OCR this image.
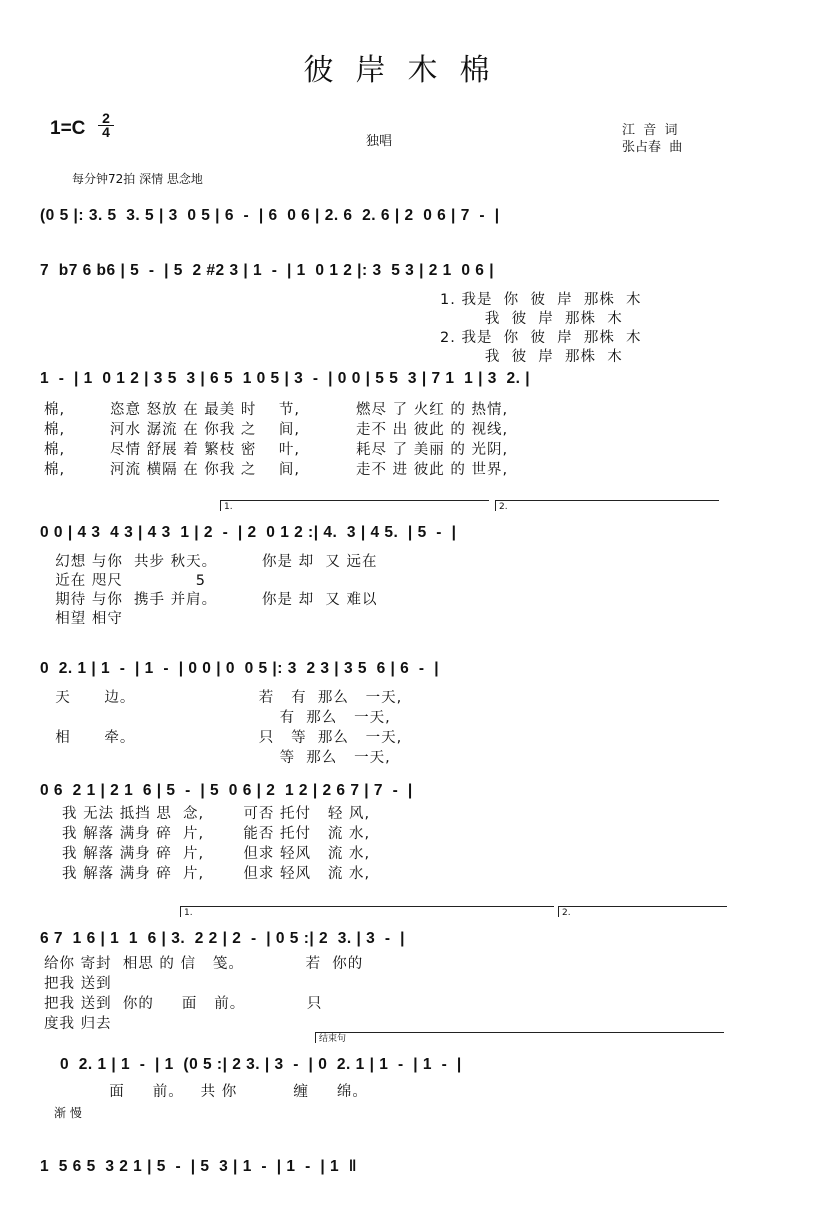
彼岸木棉
1=C 2
4
独唱
江  音  词
张占春  曲
每分钟72拍 深情 思念地
(0 5 |: 3. 5  3. 5 | 3  0 5 | 6  -  | 6  0 6 | 2. 6  2. 6 | 2  0 6 | 7  -  |
7  b7 6 b6 | 5  -  | 5  2 #2 3 | 1  -  | 1  0 1 2 |: 3  5 3 | 2 1  0 6 |
1. 我是  你  彼  岸  那株  木
我  彼  岸  那株  木
2. 我是  你  彼  岸  那株  木
我  彼  岸  那株  木
1  -  | 1  0 1 2 | 3 5  3 | 6 5  1 0 5 | 3  -  | 0 0 | 5 5  3 | 7 1  1 | 3  2. |
棉,        恣意 怒放 在 最美 时    节,          燃尽 了 火红 的 热情,
棉,        河水 潺流 在 你我 之    间,          走不 出 彼此 的 视线,
棉,        尽情 舒展 着 繁枝 密    叶,          耗尽 了 美丽 的 光阴,
棉,        河流 横隔 在 你我 之    间,          走不 进 彼此 的 世界,
1.	2.
0 0 | 4 3  4 3 | 4 3  1 | 2  -  | 2  0 1 2 :| 4.  3 | 4 5.  | 5  -  |
幻想 与你  共步 秋天。        你是 却  又 远在
近在 咫尺             5
期待 与你  携手 并肩。        你是 却  又 难以
相望 相守
0  2. 1 | 1  -  | 1  -  | 0 0 | 0  0 5 |: 3  2 3 | 3 5  6 | 6  -  |
天      边。                      若   有  那么   一天,
有  那么   一天,
相      牵。                      只   等  那么   一天,
等  那么   一天,
0 6  2 1 | 2 1  6 | 5  -  | 5  0 6 | 2  1 2 | 2 6 7 | 7  -  |
我 无法 抵挡 思  念,       可否 托付   轻 风,
我 解落 满身 碎  片,       能否 托付   流 水,
我 解落 满身 碎  片,       但求 轻风   流 水,
我 解落 满身 碎  片,       但求 轻风   流 水,
1.	2.
6 7  1 6 | 1  1  6 | 3.  2 2 | 2  -  | 0 5 :| 2  3. | 3  -  |
给你 寄封  相思 的 信   笺。           若  你的
把我 送到
把我 送到  你的     面   前。           只
度我 归去
结束句
0  2. 1 | 1  -  | 1  (0 5 :| 2 3. | 3  -  | 0  2. 1 | 1  -  | 1  -  |
面     前。   共 你          缠     绵。
渐 慢
1  5 6 5  3 2 1 | 5  -  | 5  3 | 1  -  | 1  -  | 1  ‖
